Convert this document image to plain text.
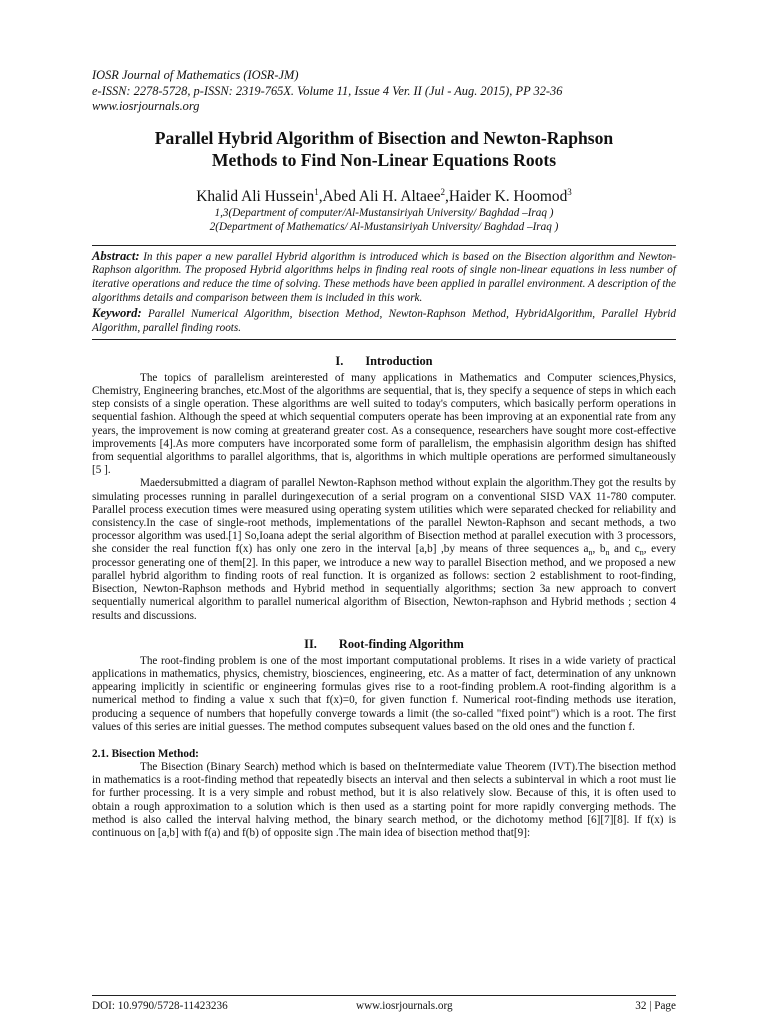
IOSR Journal of Mathematics (IOSR-JM)
e-ISSN: 2278-5728, p-ISSN: 2319-765X. Volume 11, Issue 4 Ver. II (Jul - Aug. 2015), PP 32-36
www.iosrjournals.org
Parallel Hybrid Algorithm of Bisection and Newton-Raphson
Methods to Find Non-Linear Equations Roots
Khalid Ali Hussein$^1$,Abed Ali H. Altaee$^2$,Haider K. Hoomod$^3$
1,3(Department of computer/Al-Mustansiriyah University/ Baghdad –Iraq )
2(Department of Mathematics/ Al-Mustansiriyah University/ Baghdad –Iraq )
Abstract: In this paper a new parallel Hybrid algorithm is introduced which is based on the Bisection algorithm and Newton-Raphson algorithm. The proposed Hybrid algorithms helps in finding real roots of single non-linear equations in less number of iterative operations and reduce the time of solving. These methods have been applied in parallel environment. A description of the algorithms details and comparison between them is included in this work.
Keyword: Parallel Numerical Algorithm, bisection Method, Newton-Raphson Method, HybridAlgorithm, Parallel Hybrid Algorithm, parallel finding roots.
I. Introduction

The topics of parallelism areinterested of many applications in Mathematics and Computer sciences,Physics, Chemistry, Engineering branches, etc.Most of the algorithms are sequential, that is, they specify a sequence of steps in which each step consists of a single operation. These algorithms are well suited to today's computers, which basically perform operations in sequential fashion. Although the speed at which sequential computers operate has been improving at an exponential rate from any years, the improvement is now coming at greaterand greater cost. As a consequence, researchers have sought more cost-effective improvements [4].As more computers have incorporated some form of parallelism, the emphasisin algorithm design has shifted from sequential algorithms to parallel algorithms, that is, algorithms in which multiple operations are performed simultaneously [5 ].

Maedersubmitted a diagram of parallel Newton-Raphson method without explain the algorithm.They got the results by simulating processes running in parallel duringexecution of a serial program on a conventional SISD VAX 11-780 computer. Parallel process execution times were measured using operating system utilities which were separated checked for reliability and consistency.In the case of single-root methods, implementations of the parallel Newton-Raphson and secant methods, a two processor algorithm was used.[1] So,Ioana adept the serial algorithm of Bisection method at parallel execution with 3 processors, she consider the real function f(x) has only one zero in the interval [a,b] ,by means of three sequences $a_n$, $b_n$ and $c_n$, every processor generating one of them[2]. In this paper, we introduce a new way to parallel Bisection method, and we proposed a new parallel hybrid algorithm to finding roots of real function. It is organized as follows: section 2 establishment to root-finding, Bisection, Newton-Raphson methods and Hybrid method in sequentially algorithms; section 3a new approach to convert sequentially numerical algorithm to parallel numerical algorithm of Bisection, Newton-raphson and Hybrid methods ; section 4 results and discussions.

II. Root-finding Algorithm

The root-finding problem is one of the most important computational problems. It rises in a wide variety of practical applications in mathematics, physics, chemistry, biosciences, engineering, etc. As a matter of fact, determination of any unknown appearing implicitly in scientific or engineering formulas gives rise to a root-finding problem.A root-finding algorithm is a numerical method to finding a value x such that f(x)=0, for given function f. Numerical root-finding methods use iteration, producing a sequence of numbers that hopefully converge towards a limit (the so-called "fixed point") which is a root. The first values of this series are initial guesses. The method computes subsequent values based on the old ones and the function f.

2.1. Bisection Method:

The Bisection (Binary Search) method which is based on theIntermediate value Theorem (IVT).The bisection method in mathematics is a root-finding method that repeatedly bisects an interval and then selects a subinterval in which a root must lie for further processing. It is a very simple and robust method, but it is also relatively slow. Because of this, it is often used to obtain a rough approximation to a solution which is then used as a starting point for more rapidly converging methods. The method is also called the interval halving method, the binary search method, or the dichotomy method [6][7][8]. If f(x) is continuous on [a,b] with f(a) and f(b) of opposite sign .The main idea of bisection method that[9]:

DOI: 10.9790/5728-11423236	www.iosrjournals.org	32 | Page
